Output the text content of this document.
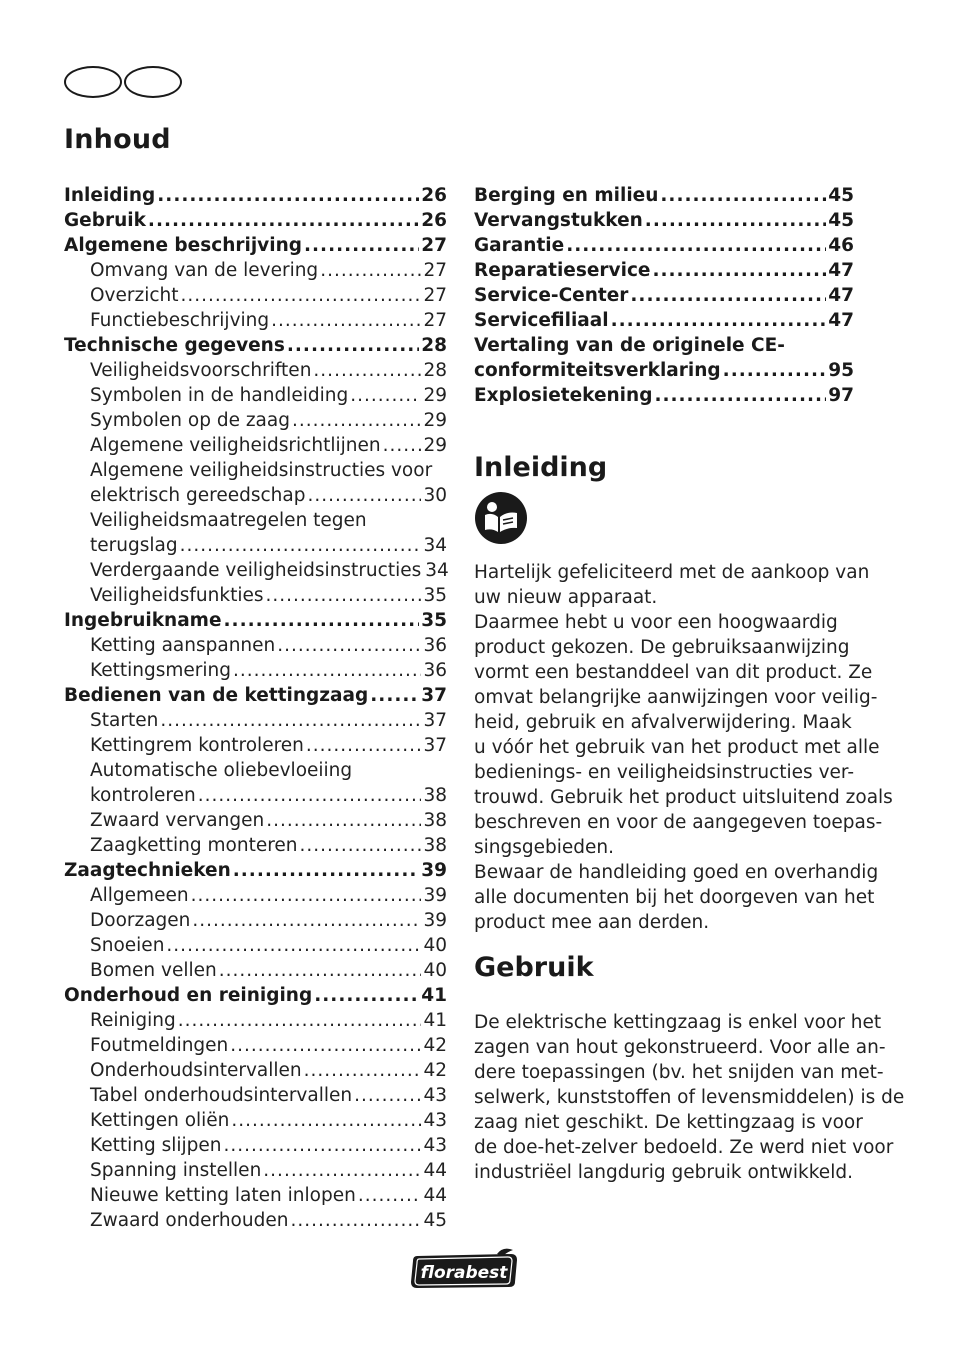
Inhoud
Inleiding .....	26
Gebruik .....	26
Algemene beschrijving .....	27
Omvang van de levering .....	27
Overzicht .....	27
Functiebeschrijving .....	27
Technische gegevens .....	28
Veiligheidsvoorschriften .....	28
Symbolen in de handleiding .....	29
Symbolen op de zaag .....	29
Algemene veiligheidsrichtlijnen ..... 29
Algemene veiligheidsinstructies voor
elektrisch gereedschap .....	30
Veiligheidsmaatregelen tegen
terugslag .....	34
Verdergaande veiligheidsinstructies 34
Veiligheidsfunkties .....	35
Ingebruikname .....	35
Ketting aanspannen .....	36
Kettingsmering .....	36
Bedienen van de kettingzaag .....	37
Starten .....	37
Kettingrem kontroleren .....	37
Automatische oliebevloeiing
kontroleren .....	38
Zwaard vervangen .....	38
Zaagketting monteren .....	38
Zaagtechnieken .....	39
Allgemeen .....	39
Doorzagen .....	39
Snoeien .....	40
Bomen vellen .....	40
Onderhoud en reiniging .....	41
Reiniging .....	41
Foutmeldingen .....	42
Onderhoudsintervallen .....	42
Tabel onderhoudsintervallen .....	43
Kettingen oliën .....	43
Ketting slijpen .....	43
Spanning instellen .....	44
Nieuwe ketting laten inlopen .....	44
Zwaard onderhouden .....	45
Berging en milieu .....	45
Vervangstukken .....	45
Garantie .....	46
Reparatieservice .....	47
Service-Center .....	47
Servicefiliaal .....	47
Vertaling van de originele CE-
conformiteitsverklaring .....	95
Explosietekening .....	97
Inleiding

Hartelijk gefeliciteerd met de aankoop van
uw nieuw apparaat.
Daarmee hebt u voor een hoogwaardig
product gekozen. De gebruiksaanwijzing
vormt een bestanddeel van dit product. Ze
omvat belangrijke aanwijzingen voor veilig-
heid, gebruik en afvalverwijdering. Maak
u vóór het gebruik van het product met alle
bedienings- en veiligheidsinstructies ver-
trouwd. Gebruik het product uitsluitend zoals
beschreven en voor de aangegeven toepas-
singsgebieden.
Bewaar de handleiding goed en overhandig
alle documenten bij het doorgeven van het
product mee aan derden.

Gebruik

De elektrische kettingzaag is enkel voor het
zagen van hout gekonstrueerd. Voor alle an-
dere toepassingen (bv. het snijden van met-
selwerk, kunststoffen of levensmiddelen) is de
zaag niet geschikt. De kettingzaag is voor
de doe-het-zelver bedoeld. Ze werd niet voor
industriëel langdurig gebruik ontwikkeld.

florabest
